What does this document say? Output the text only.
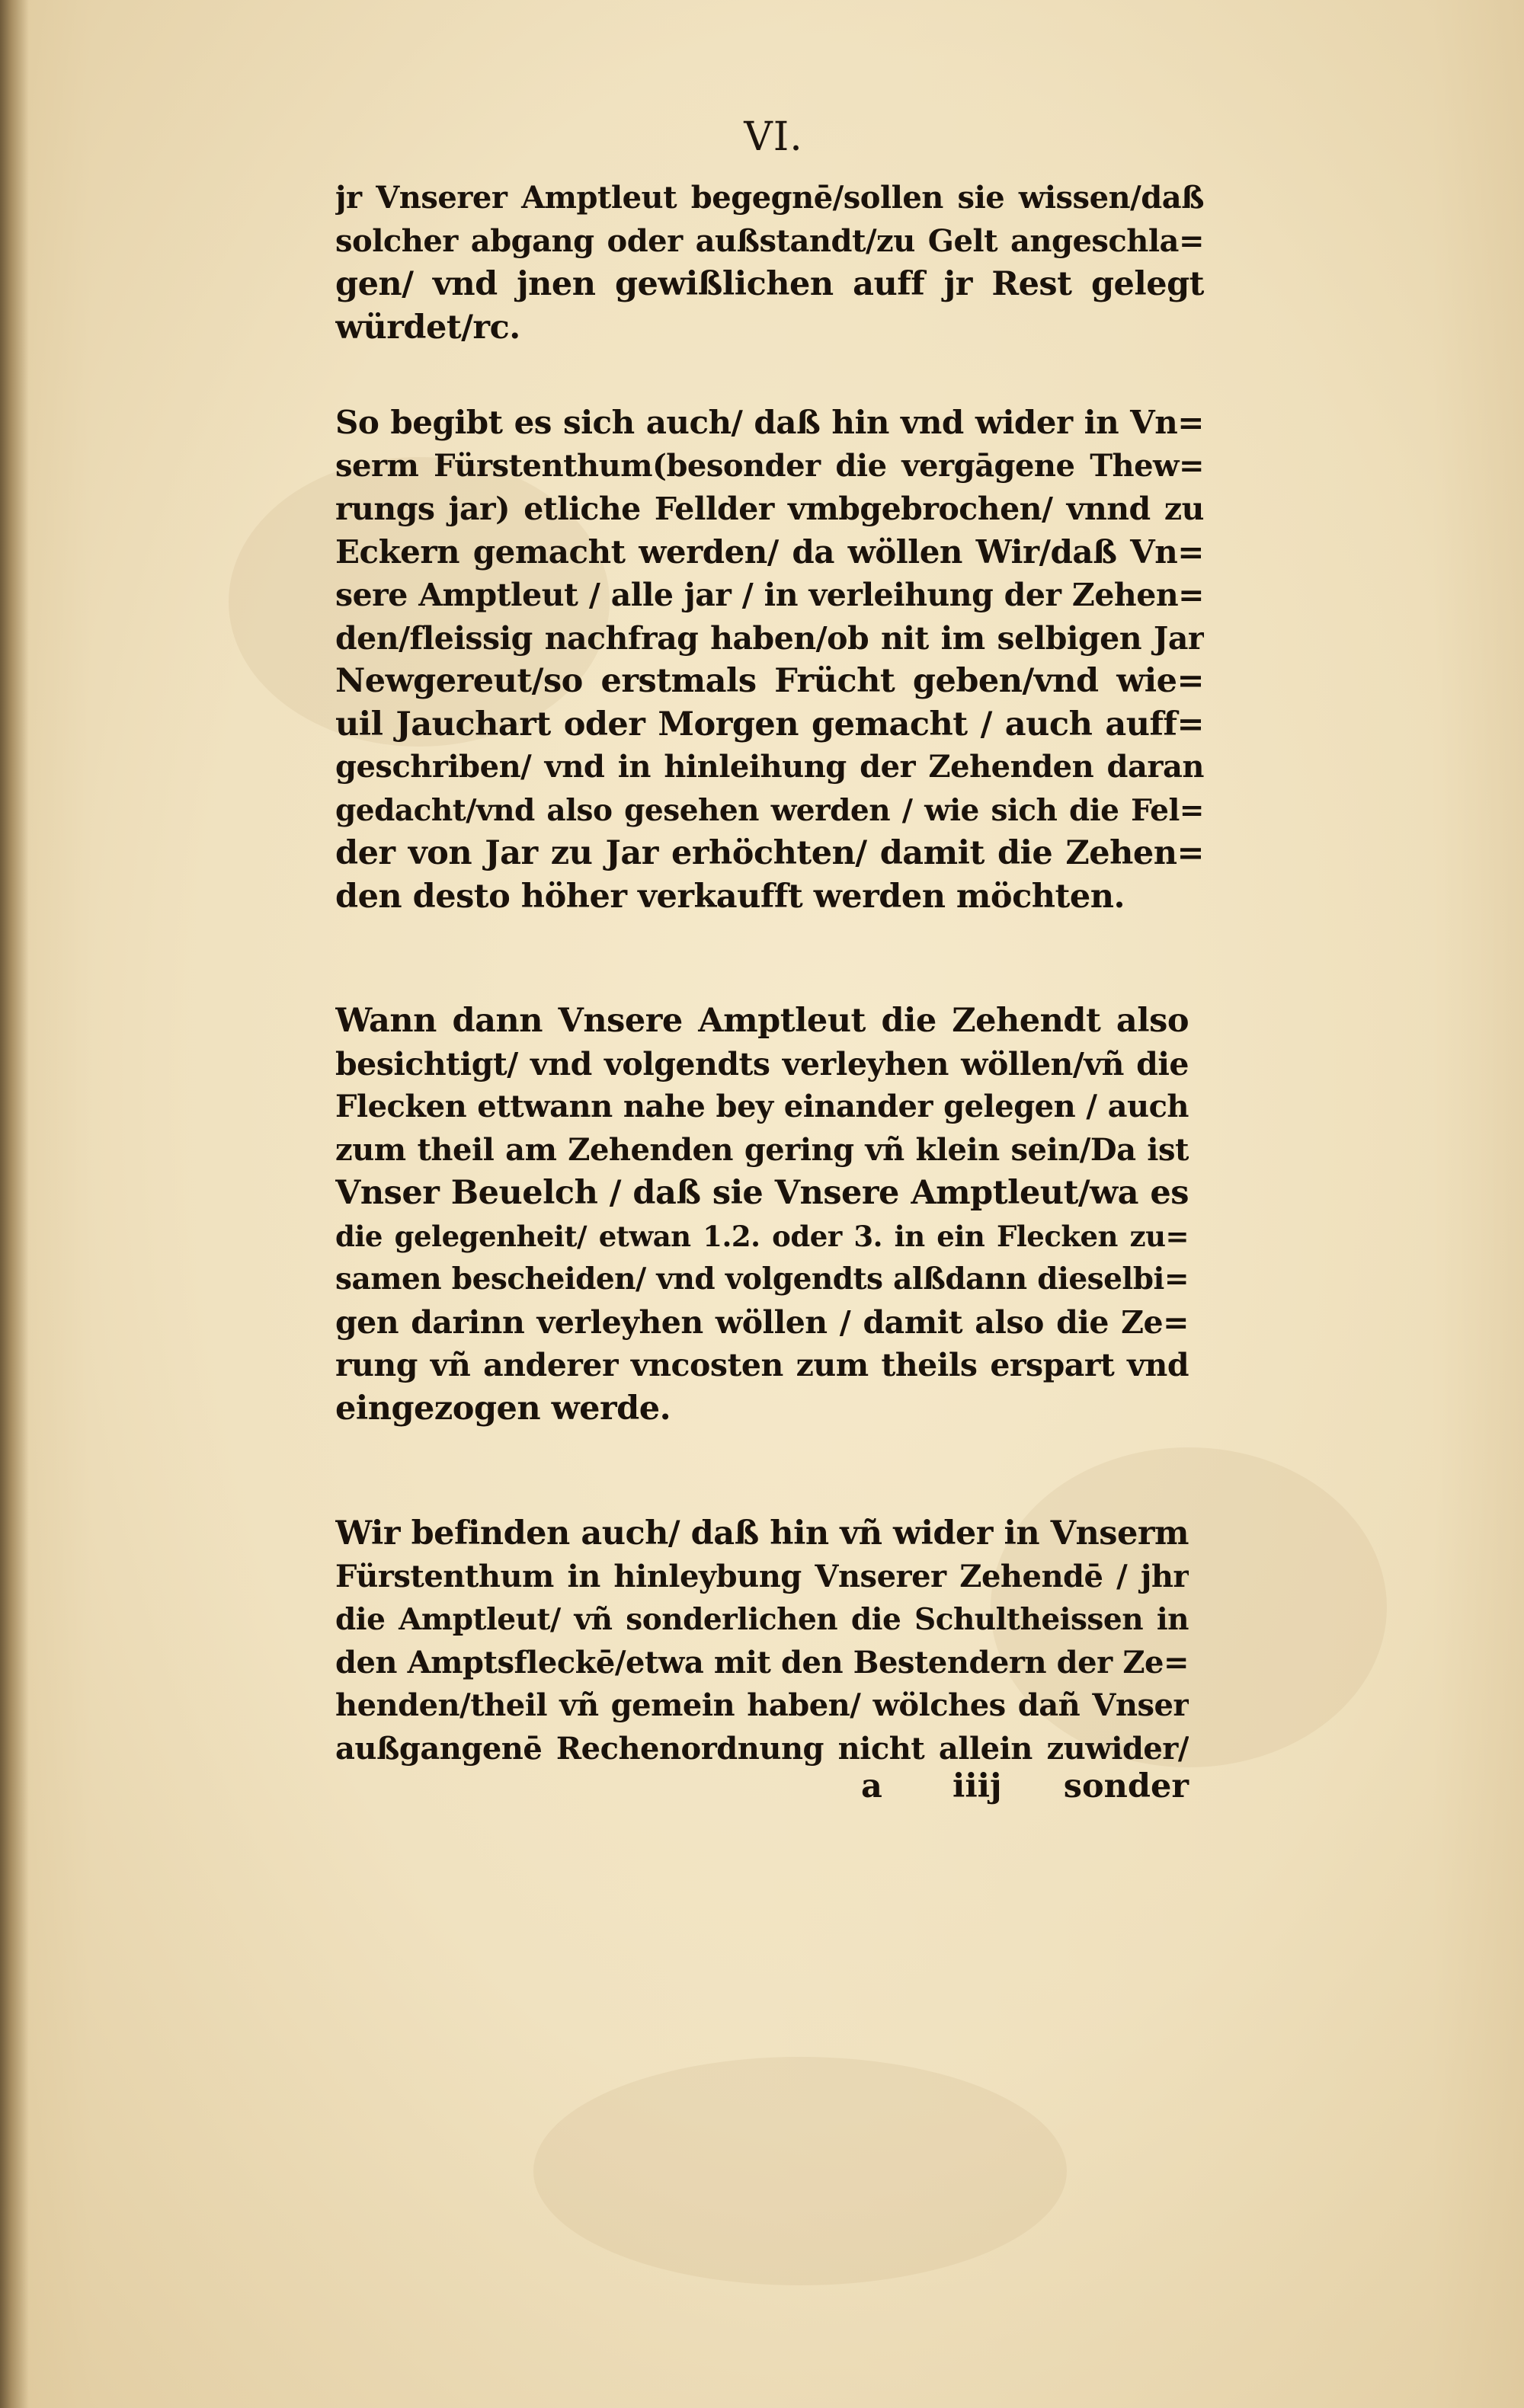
VI.
jr Vnserer Amptleut begegnē/sollen sie wissen/daß
solcher abgang oder außstandt/zu Gelt angeschla=
gen/ vnd jnen gewißlichen auff jr Rest gelegt
würdet/rc.
So begibt es sich auch/ daß hin vnd wider in Vn=
serm Fürstenthum(besonder die vergāgene Thew=
rungs jar) etliche Fellder vmbgebrochen/ vnnd zu
Eckern gemacht werden/ da wöllen Wir/daß Vn=
sere Amptleut / alle jar / in verleihung der Zehen=
den/fleissig nachfrag haben/ob nit im selbigen Jar
Newgereut/so erstmals Frücht geben/vnd wie=
uil Jauchart oder Morgen gemacht / auch auff=
geschriben/ vnd in hinleihung der Zehenden daran
gedacht/vnd also gesehen werden / wie sich die Fel=
der von Jar zu Jar erhöchten/ damit die Zehen=
den desto höher verkaufft werden möchten.
Wann dann Vnsere Amptleut die Zehendt also
besichtigt/ vnd volgendts verleyhen wöllen/vñ die
Flecken ettwann nahe bey einander gelegen / auch
zum theil am Zehenden gering vñ klein sein/Da ist
Vnser Beuelch / daß sie Vnsere Amptleut/wa es
die gelegenheit/ etwan 1.2. oder 3. in ein Flecken zu=
samen bescheiden/ vnd volgendts alßdann dieselbi=
gen darinn verleyhen wöllen / damit also die Ze=
rung vñ anderer vncosten zum theils erspart vnd
eingezogen werde.
Wir befinden auch/ daß hin vñ wider in Vnserm
Fürstenthum in hinleybung Vnserer Zehendē / jhr
die Amptleut/ vñ sonderlichen die Schultheissen in
den Amptsfleckē/etwa mit den Bestendern der Ze=
henden/theil vñ gemein haben/ wölches dañ Vnser
außgangenē Rechenordnung nicht allein zuwider/
a iiij sonder
